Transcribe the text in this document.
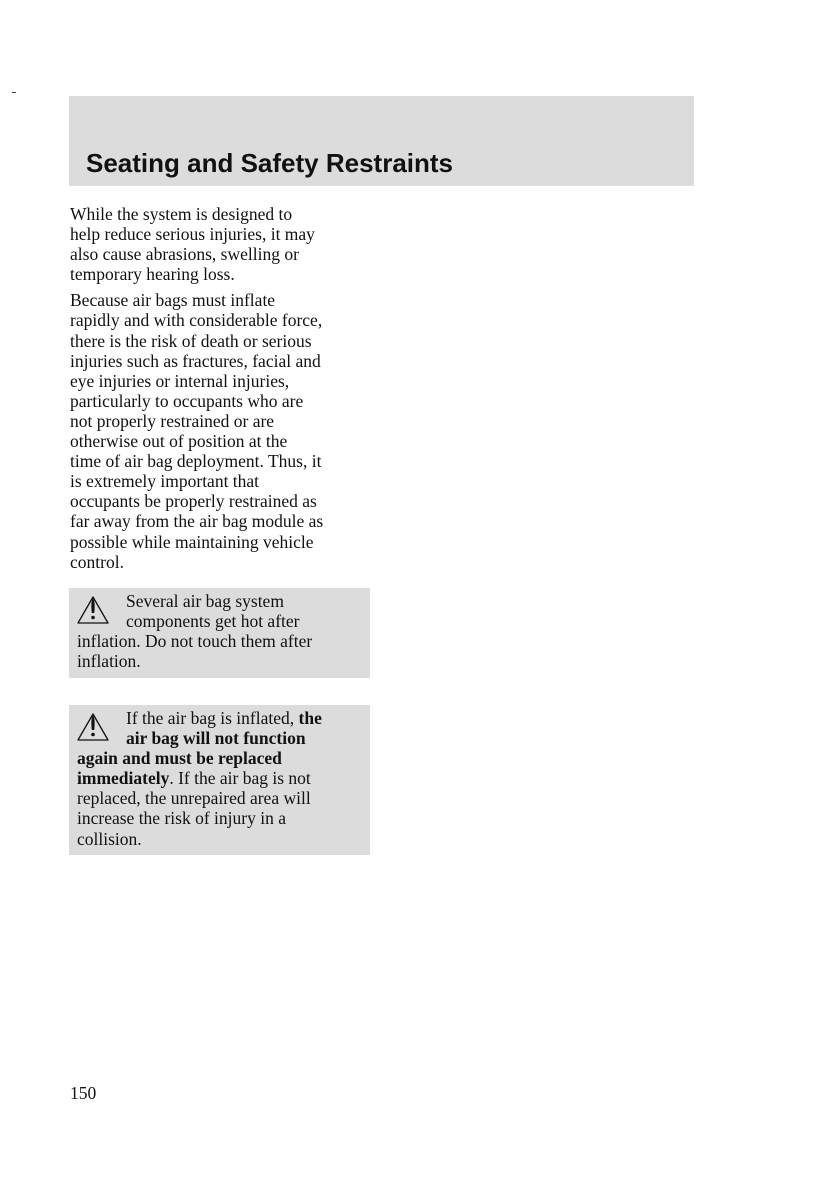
Seating and Safety Restraints

While the system is designed to
help reduce serious injuries, it may
also cause abrasions, swelling or
temporary hearing loss.

Because air bags must inflate
rapidly and with considerable force,
there is the risk of death or serious
injuries such as fractures, facial and
eye injuries or internal injuries,
particularly to occupants who are
not properly restrained or are
otherwise out of position at the
time of air bag deployment. Thus, it
is extremely important that
occupants be properly restrained as
far away from the air bag module as
possible while maintaining vehicle
control.

Several air bag system
components get hot after
inflation. Do not touch them after
inflation.
If the air bag is inflated, the
air bag will not function
again and must be replaced
immediately. If the air bag is not
replaced, the unrepaired area will
increase the risk of injury in a
collision.
150
